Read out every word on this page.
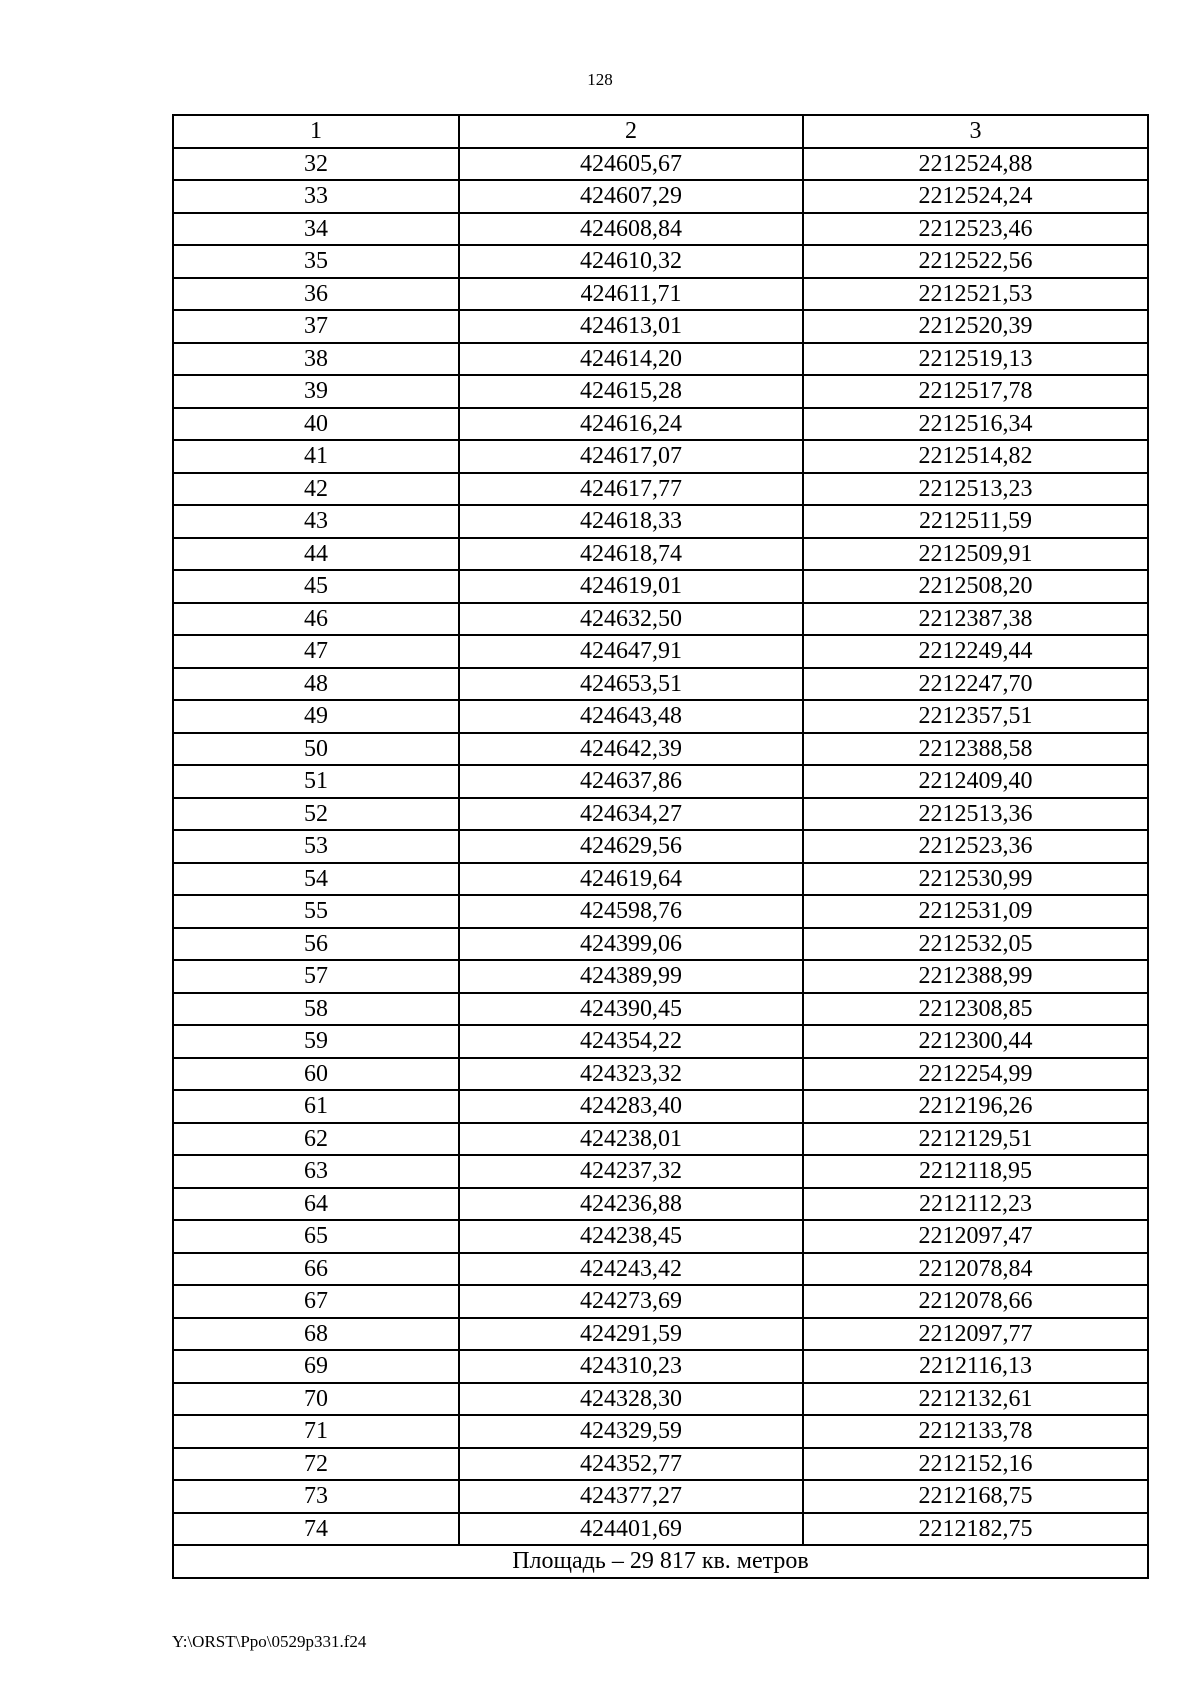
128
1	2	3
32	424605,67	2212524,88
33	424607,29	2212524,24
34	424608,84	2212523,46
35	424610,32	2212522,56
36	424611,71	2212521,53
37	424613,01	2212520,39
38	424614,20	2212519,13
39	424615,28	2212517,78
40	424616,24	2212516,34
41	424617,07	2212514,82
42	424617,77	2212513,23
43	424618,33	2212511,59
44	424618,74	2212509,91
45	424619,01	2212508,20
46	424632,50	2212387,38
47	424647,91	2212249,44
48	424653,51	2212247,70
49	424643,48	2212357,51
50	424642,39	2212388,58
51	424637,86	2212409,40
52	424634,27	2212513,36
53	424629,56	2212523,36
54	424619,64	2212530,99
55	424598,76	2212531,09
56	424399,06	2212532,05
57	424389,99	2212388,99
58	424390,45	2212308,85
59	424354,22	2212300,44
60	424323,32	2212254,99
61	424283,40	2212196,26
62	424238,01	2212129,51
63	424237,32	2212118,95
64	424236,88	2212112,23
65	424238,45	2212097,47
66	424243,42	2212078,84
67	424273,69	2212078,66
68	424291,59	2212097,77
69	424310,23	2212116,13
70	424328,30	2212132,61
71	424329,59	2212133,78
72	424352,77	2212152,16
73	424377,27	2212168,75
74	424401,69	2212182,75
Площадь – 29 817 кв. метров		
Y:\ORST\Ppo\0529p331.f24
